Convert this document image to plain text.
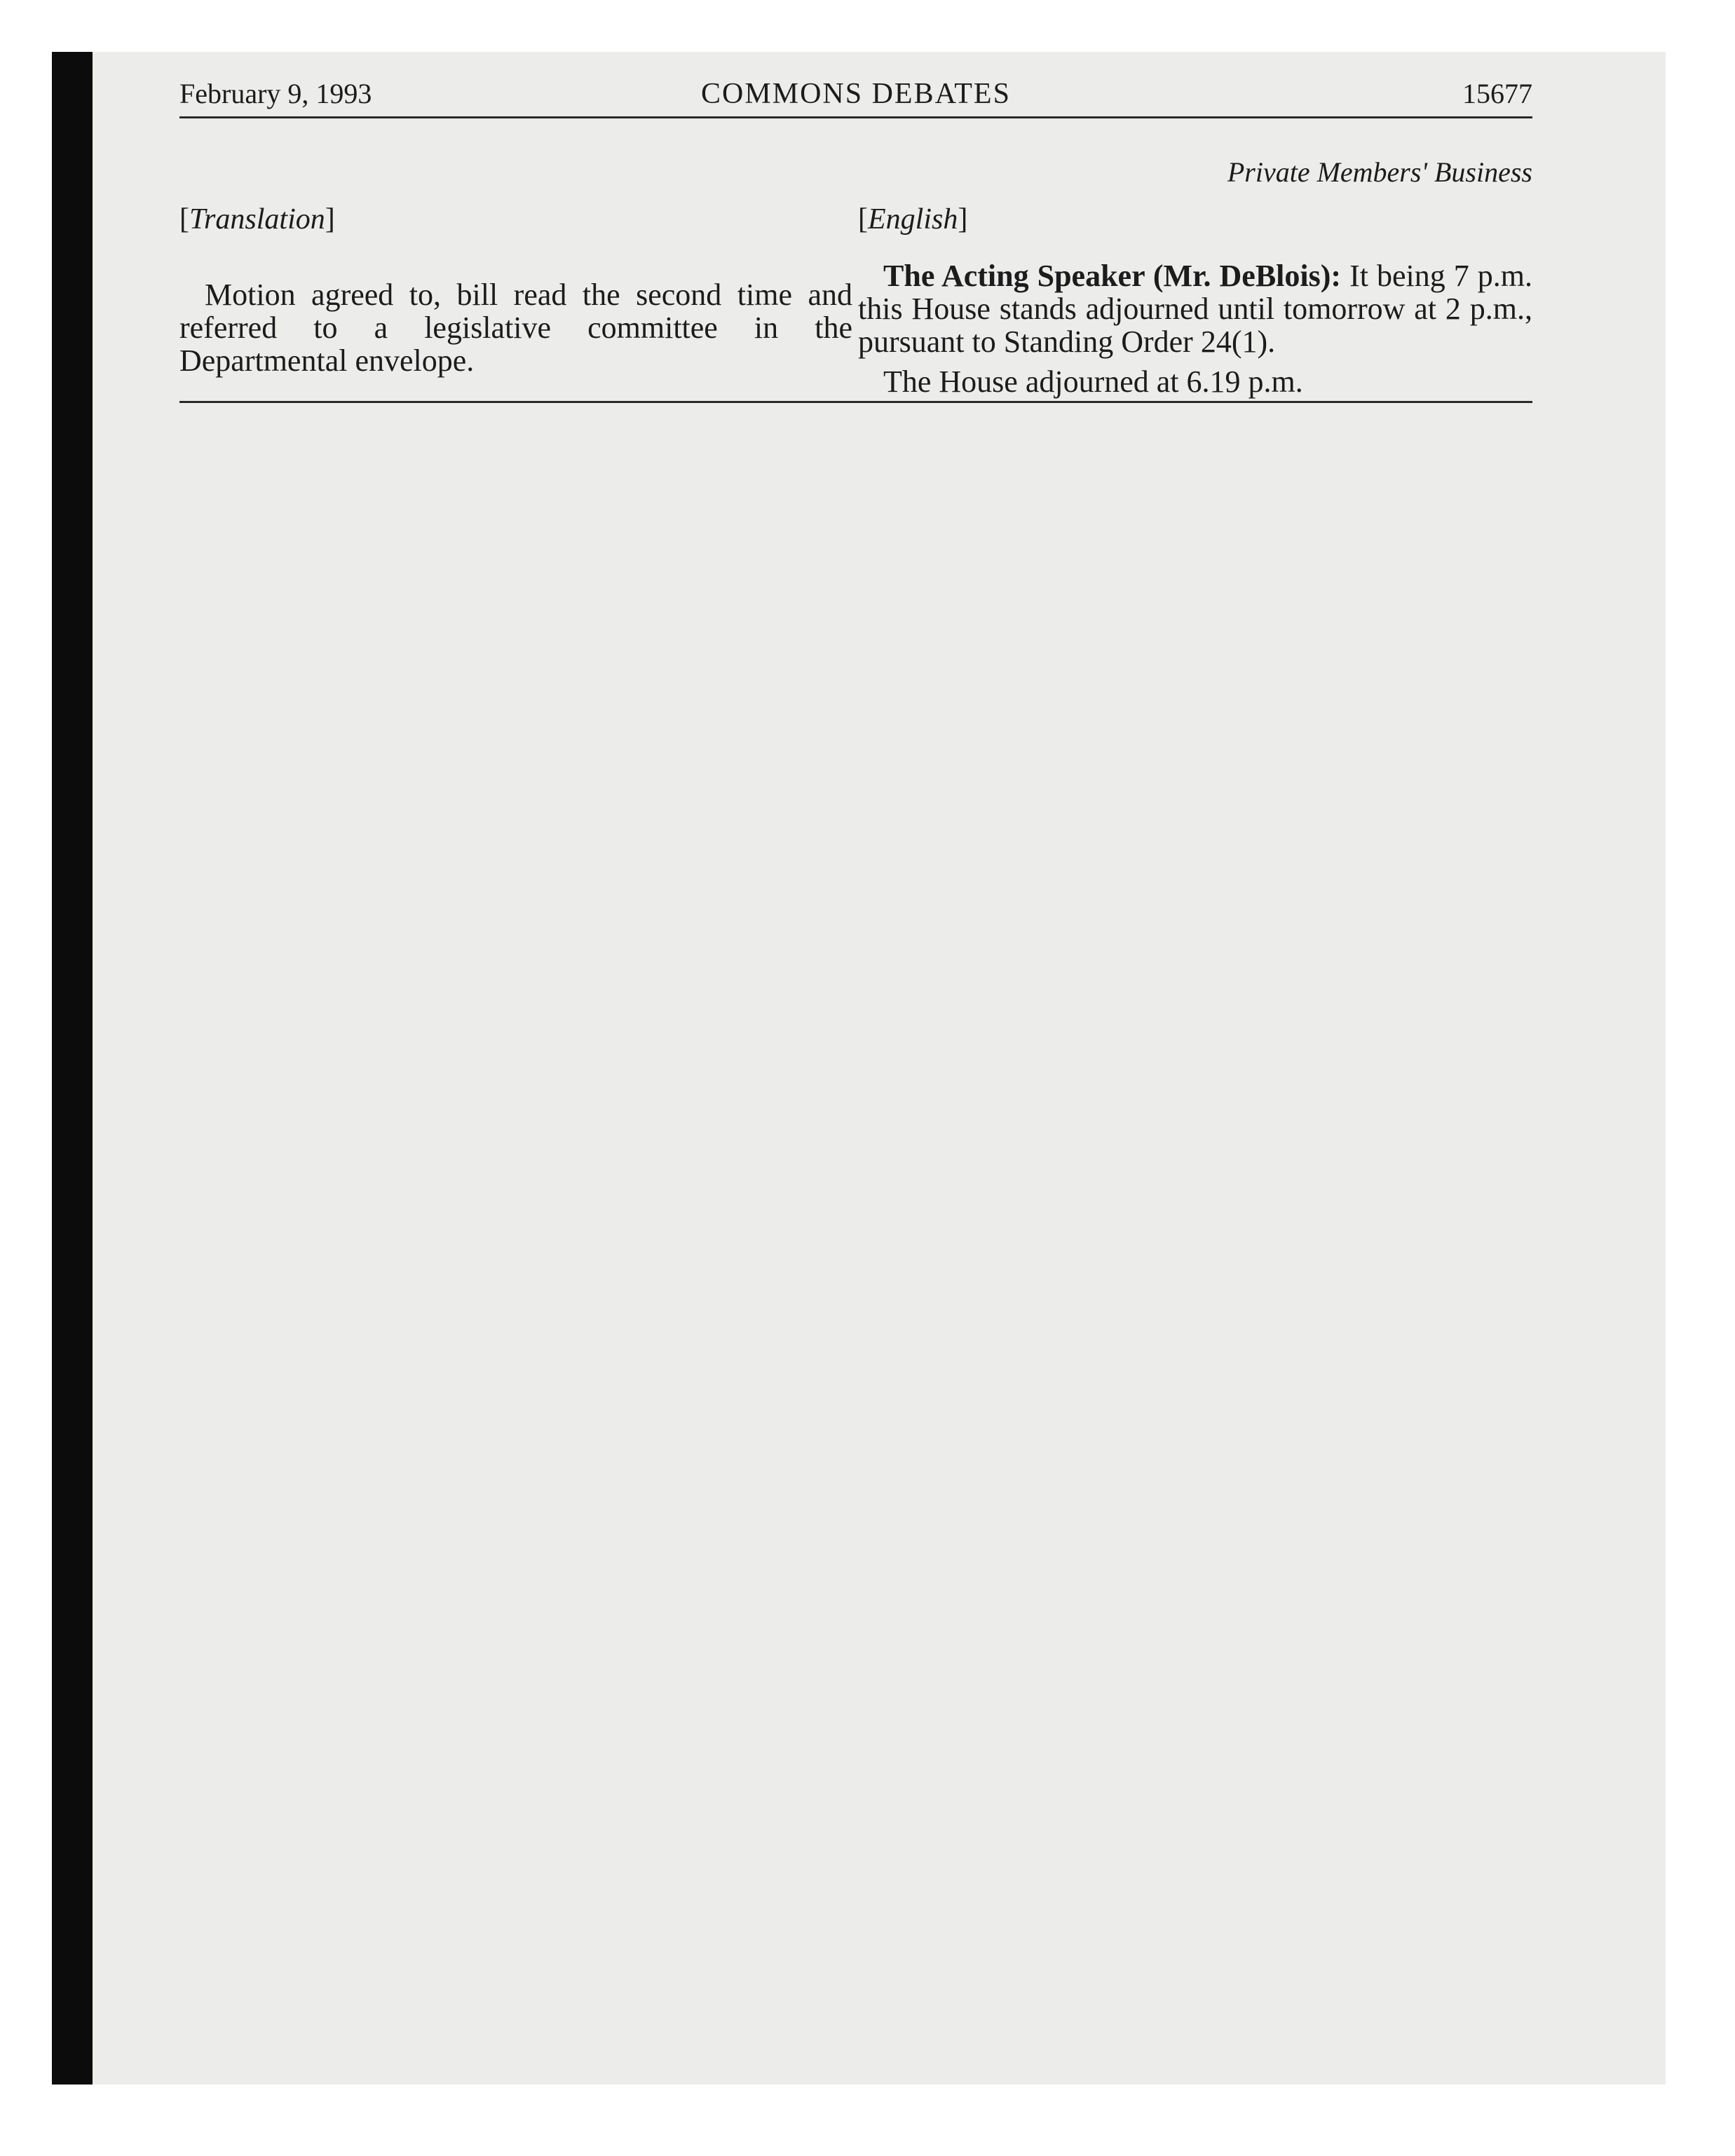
February 9, 1993	COMMONS DEBATES	15677
Private Members' Business

[Translation]

Motion agreed to, bill read the second time and referred to a legislative committee in the Departmental envelope.

[English]

The Acting Speaker (Mr. DeBlois): It being 7 p.m. this House stands adjourned until tomorrow at 2 p.m., pursuant to Standing Order 24(1).

The House adjourned at 6.19 p.m.
